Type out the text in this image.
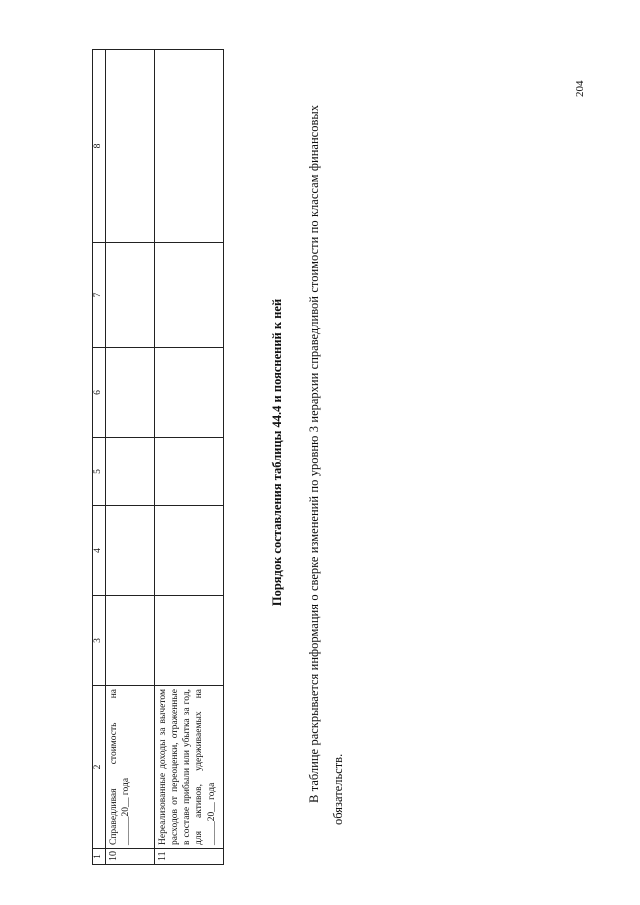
204
1	2	3	4	5	6	7	8
10	Справедливая стоимость на ______20__ года						
11	Нереализованные доходы за вычетом расходов от переоценки, отраженные в составе прибыли или убытка за год, для активов, удерживаемых на _____20__ года						
Порядок составления таблицы 44.4 и пояснений к ней	В таблице раскрывается информация о сверке изменений по уровню 3 иерархии справедливой стоимости по классам финансовых обязательств.
